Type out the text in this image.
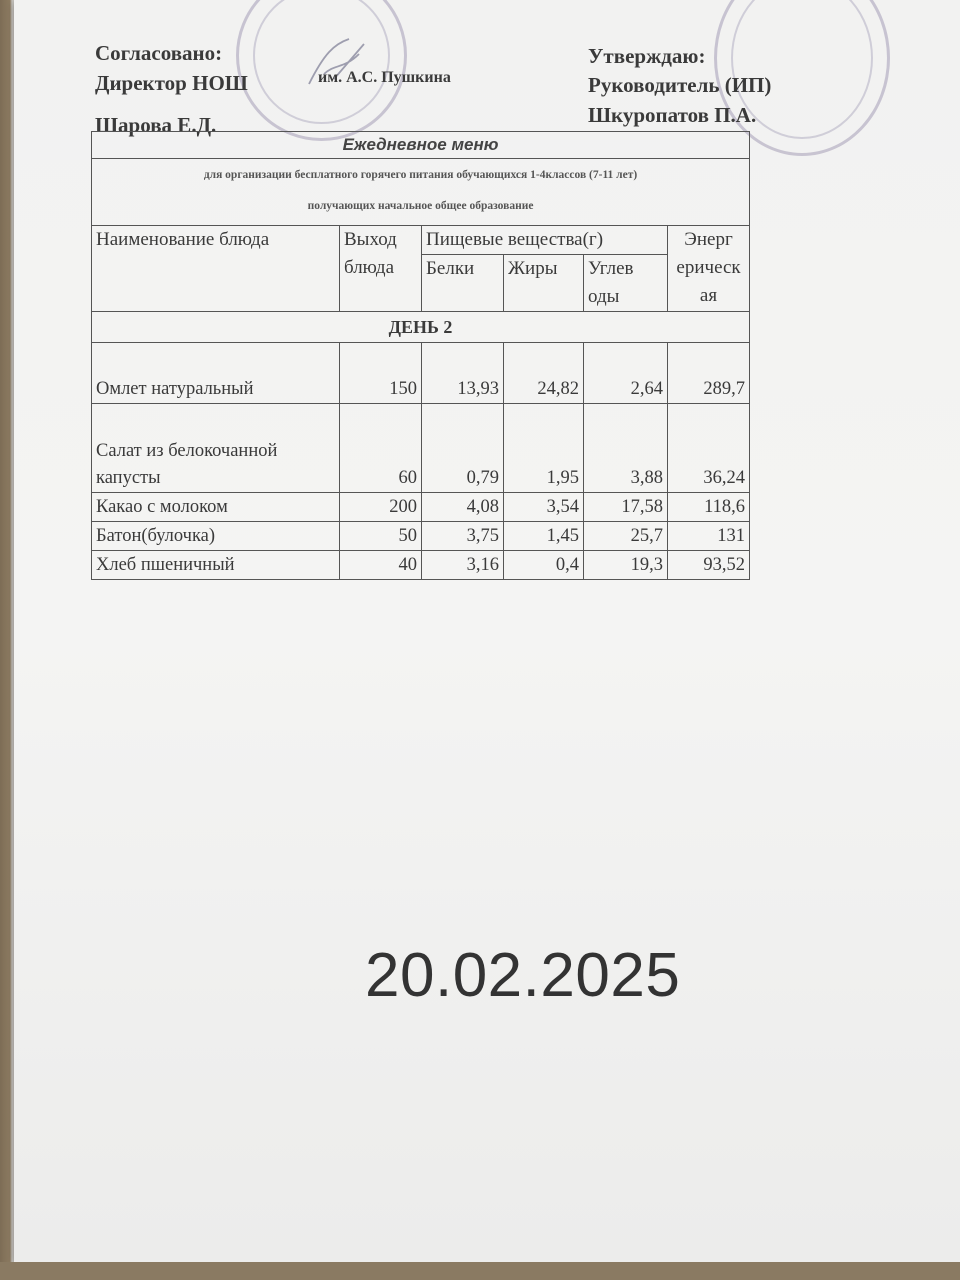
Согласовано:
Директор НОШ	им. А.С. Пушкина
Шарова Е.Д.
Утверждаю:
Руководитель (ИП)
Шкуропатов П.А.
Ежедневное меню					

для организации бесплатного горячего питания обучающихся 1-4классов (7-11 лет)
получающих начальное общее образование					

Наименование блюда	Выход блюда	Пищевые вещества(г)			Энерг ерическ ая
		Белки	Жиры	Углев оды	
ДЕНЬ 2					
Омлет натуральный	150	13,93	24,82	2,64	289,7
Салат из белокочанной капусты	60	0,79	1,95	3,88	36,24
Какао с молоком	200	4,08	3,54	17,58	118,6
Батон(булочка)	50	3,75	1,45	25,7	131
Хлеб пшеничный	40	3,16	0,4	19,3	93,52
20.02.2025
